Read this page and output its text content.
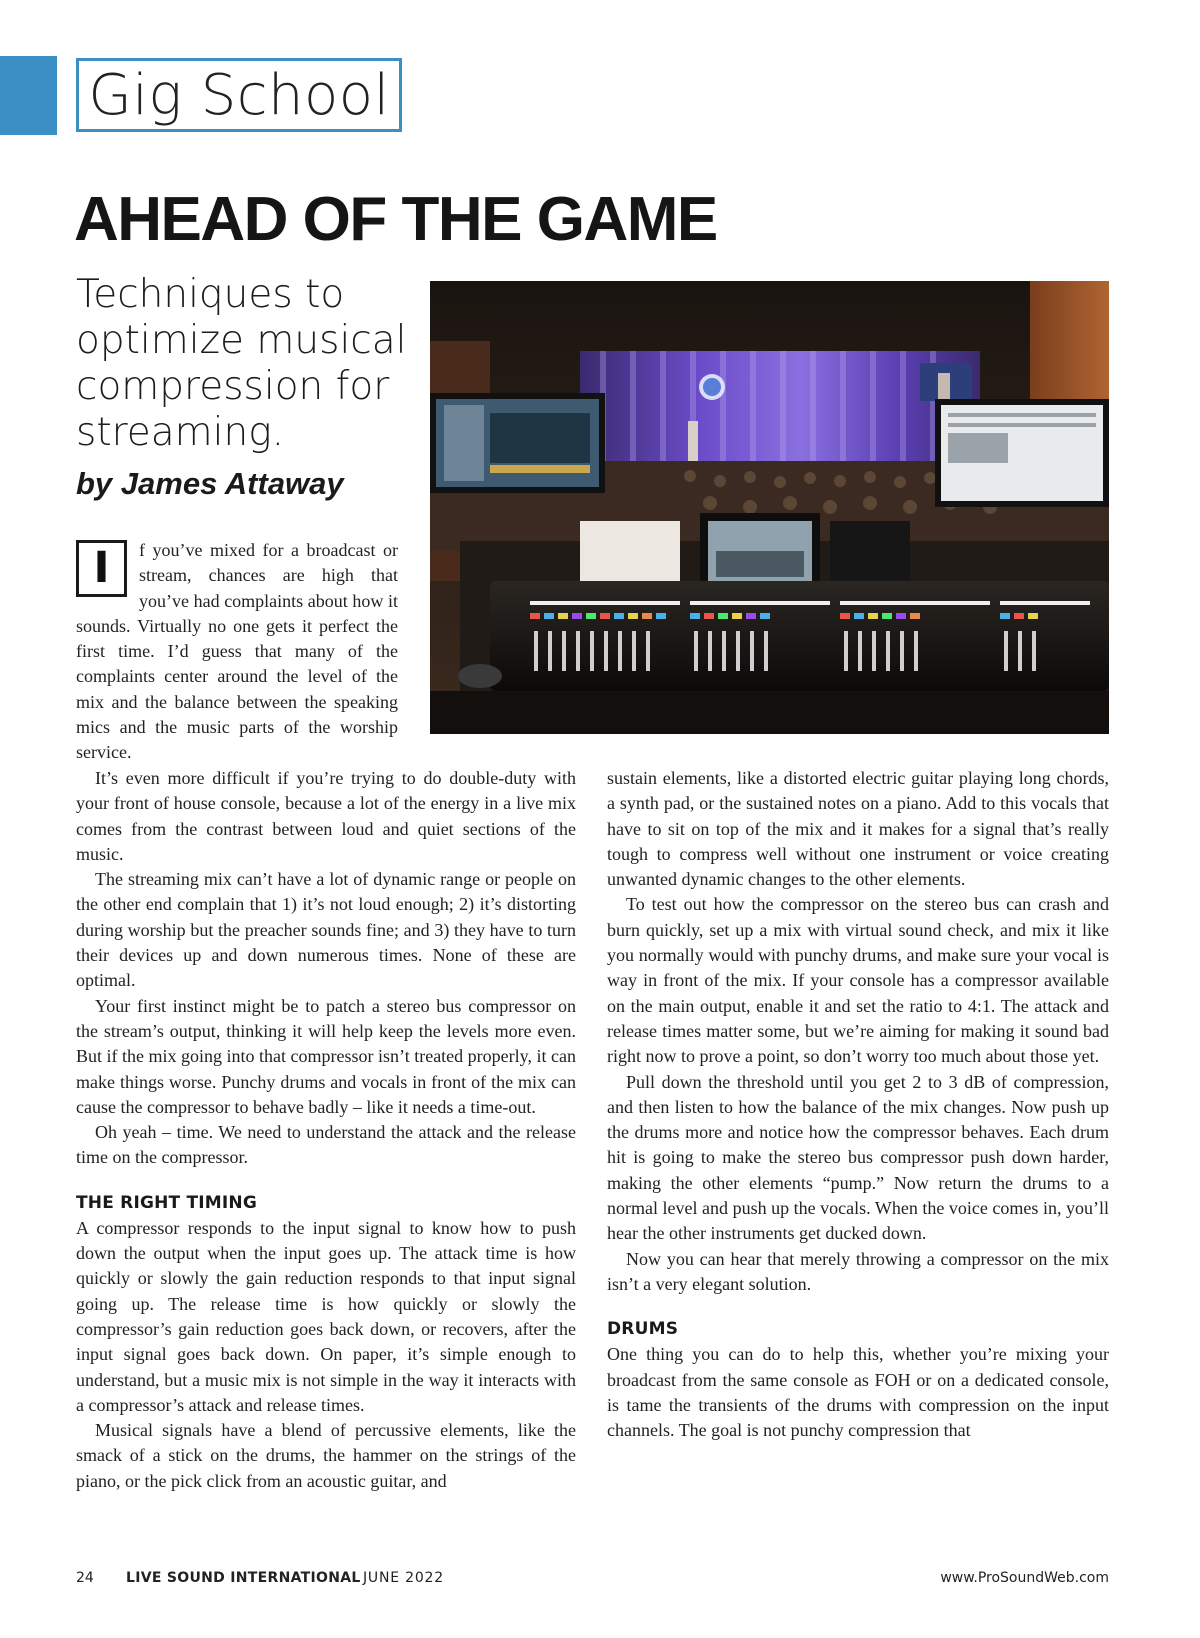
Gig School
AHEAD OF THE GAME
Techniques to optimize musical compression for streaming.
by James Attaway
I	f you’ve mixed for a broadcast or stream, chances are high that you’ve had complaints about how it sounds. Virtually no one gets it perfect the first time. I’d guess that many of the complaints center around the level of the mix and the balance between the speaking mics and the music parts of the worship service.

It’s even more difficult if you’re trying to do double-duty with your front of house console, because a lot of the energy in a live mix comes from the contrast between loud and quiet sections of the music.

The streaming mix can’t have a lot of dynamic range or people on the other end complain that 1) it’s not loud enough; 2) it’s distorting during worship but the preacher sounds fine; and 3) they have to turn their devices up and down numerous times. None of these are optimal.

Your first instinct might be to patch a stereo bus compressor on the stream’s output, thinking it will help keep the levels more even. But if the mix going into that compressor isn’t treated properly, it can make things worse. Punchy drums and vocals in front of the mix can cause the compressor to behave badly – like it needs a time-out.

Oh yeah – time. We need to understand the attack and the release time on the compressor.

THE RIGHT TIMING

A compressor responds to the input signal to know how to push down the output when the input goes up. The attack time is how quickly or slowly the gain reduction responds to that input signal going up. The release time is how quickly or slowly the compressor’s gain reduction goes back down, or recovers, after the input signal goes back down. On paper, it’s simple enough to understand, but a music mix is not simple in the way it interacts with a compressor’s attack and release times.

Musical signals have a blend of percussive elements, like the smack of a stick on the drums, the hammer on the strings of the piano, or the pick click from an acoustic guitar, and

sustain elements, like a distorted electric guitar playing long chords, a synth pad, or the sustained notes on a piano. Add to this vocals that have to sit on top of the mix and it makes for a signal that’s really tough to compress well without one instrument or voice creating unwanted dynamic changes to the other elements.

To test out how the compressor on the stereo bus can crash and burn quickly, set up a mix with virtual sound check, and mix it like you normally would with punchy drums, and make sure your vocal is way in front of the mix. If your console has a compressor available on the main output, enable it and set the ratio to 4:1. The attack and release times matter some, but we’re aiming for making it sound bad right now to prove a point, so don’t worry too much about those yet.

Pull down the threshold until you get 2 to 3 dB of compression, and then listen to how the balance of the mix changes. Now push up the drums more and notice how the compressor behaves. Each drum hit is going to make the stereo bus compressor push down harder, making the other elements “pump.” Now return the drums to a normal level and push up the vocals. When the voice comes in, you’ll hear the other instruments get ducked down.

Now you can hear that merely throwing a compressor on the mix isn’t a very elegant solution.

DRUMS

One thing you can do to help this, whether you’re mixing your broadcast from the same console as FOH or on a dedicated console, is tame the transients of the drums with compression on the input channels. The goal is not punchy compression that

24 LIVE SOUND INTERNATIONAL JUNE 2022	www.ProSoundWeb.com
